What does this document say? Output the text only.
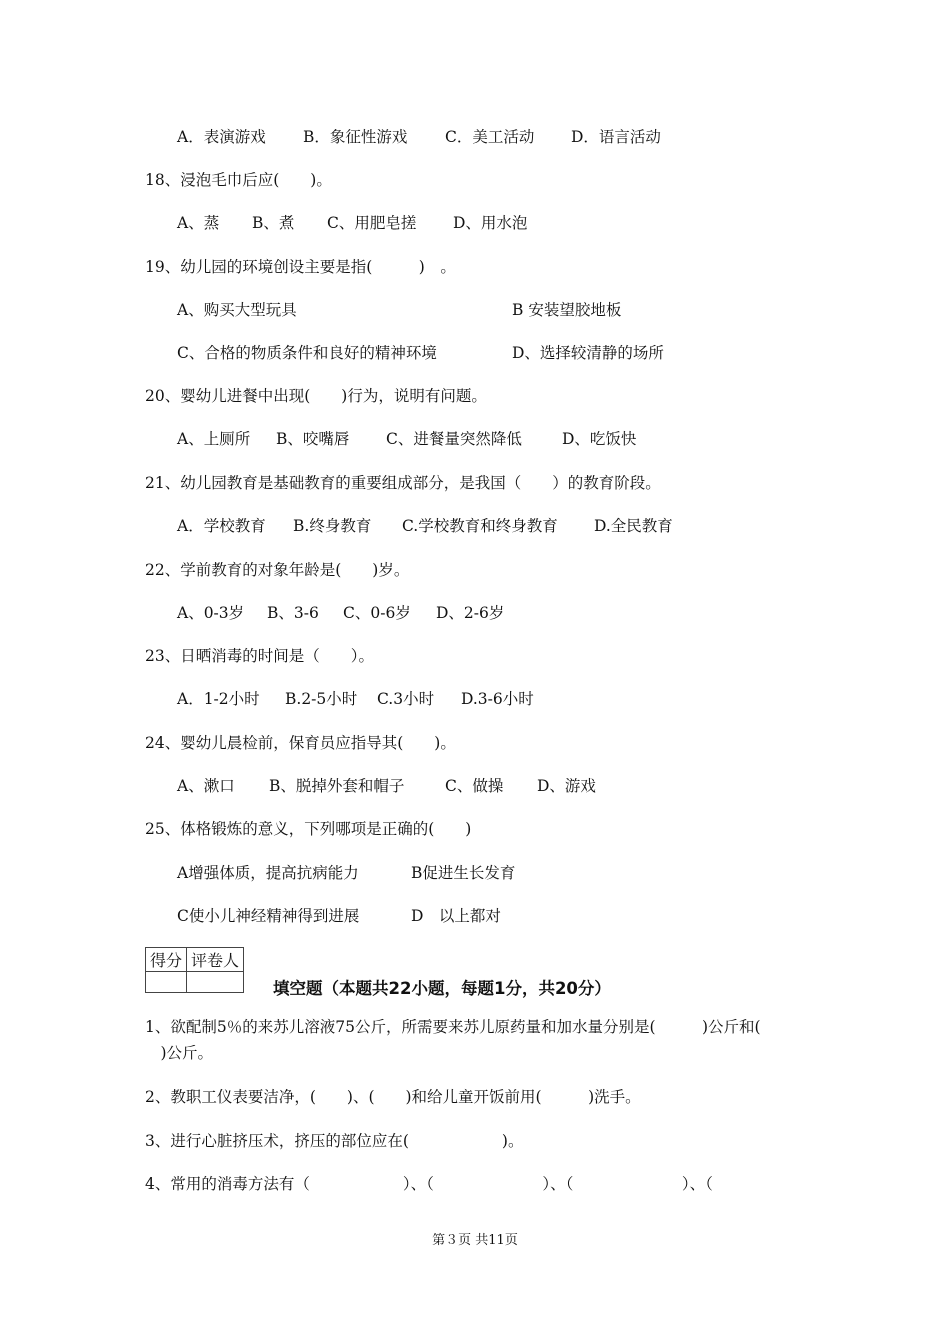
A．表演游戏 B．象征性游戏 C．美工活动 D．语言活动
18、浸泡毛巾后应(　　)。
A、蒸 B、煮 C、用肥皂搓 D、用水泡
19、幼儿园的环境创设主要是指(　　　)　。
A、购买大型玩具	B 安装望胶地板
C、合格的物质条件和良好的精神环境	D、选择较清静的场所
20、婴幼儿进餐中出现(　　)行为，说明有问题。
A、上厕所 B、咬嘴唇 C、进餐量突然降低	D、吃饭快
21、幼儿园教育是基础教育的重要组成部分，是我国（　　）的教育阶段。
A．学校教育 B.终身教育 C.学校教育和终身教育 D.全民教育
22、学前教育的对象年龄是(　　)岁。
A、0-3岁 B、3-6 C、0-6岁 D、2-6岁
23、日晒消毒的时间是（　　）。
A．1-2小时 B.2-5小时 C.3小时 D.3-6小时
24、婴幼儿晨检前，保育员应指导其(　　)。
A、漱口 B、脱掉外套和帽子	C、做操 D、游戏
25、体格锻炼的意义，下列哪项是正确的(　　)
A增强体质，提高抗病能力	B促进生长发育
C使小儿神经精神得到进展	D　以上都对
得分	评卷人

填空题（本题共22小题，每题1分，共20分）
1、欲配制5％的来苏儿溶液75公斤，所需要来苏儿原药量和加水量分别是(　　　)公斤和(
　)公斤。
2、教职工仪表要洁净，(　　)、(　　)和给儿童开饭前用(　　　)洗手。
3、进行心脏挤压术，挤压的部位应在(　　　　　　)。
4、常用的消毒方法有（　　　　　　）、（　　　　　　　）、（　　　　　　　）、（
第３页 共11页
